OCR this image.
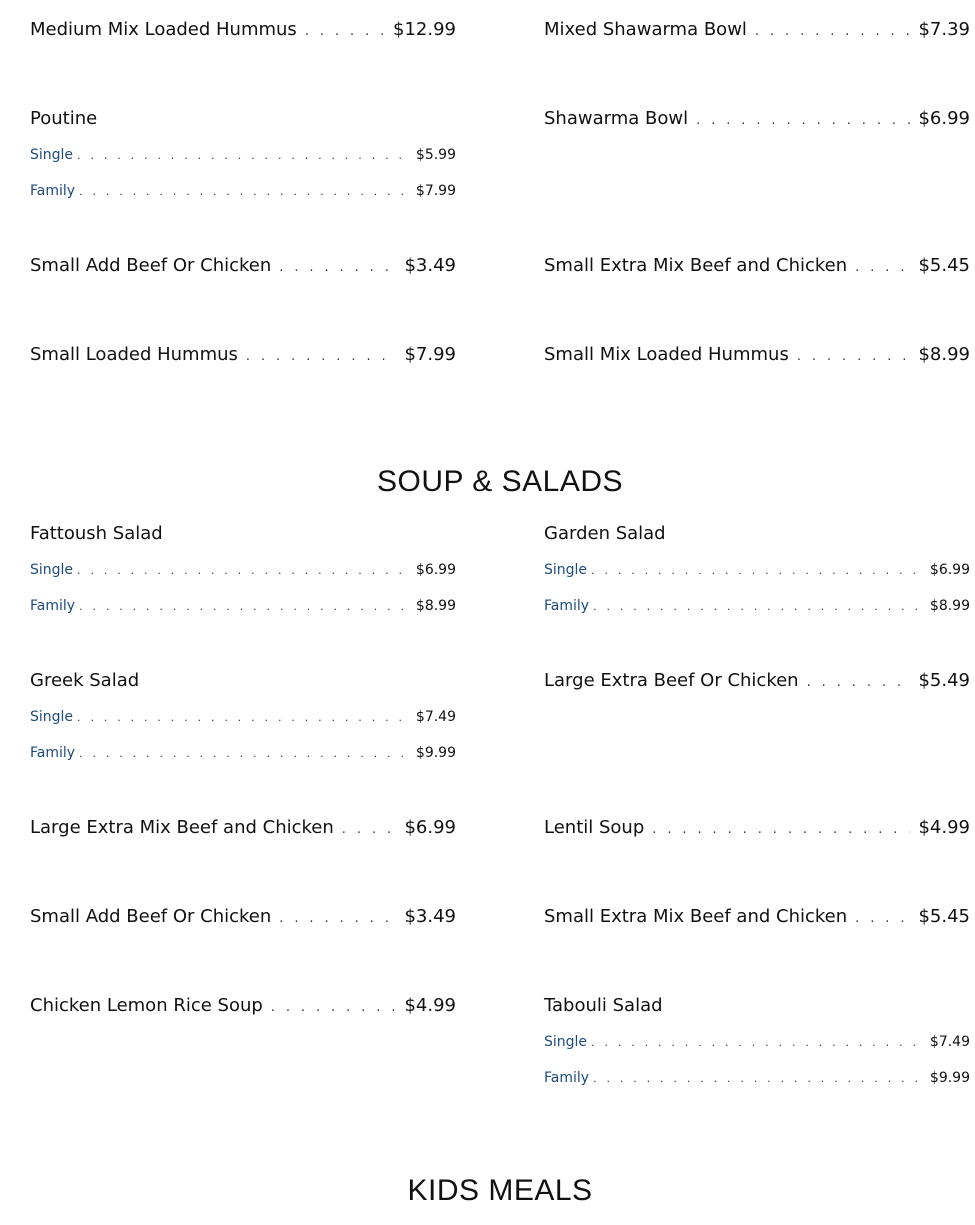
Medium Mix Loaded Hummus . . .	$12.99	Mixed Shawarma Bowl . . .	$7.39
Poutine
Single . . .	$5.99
Family . . .	$7.99
Shawarma Bowl . . .	$6.99
Small Add Beef Or Chicken . . .	$3.49	Small Extra Mix Beef and Chicken . . .	$5.45
Small Loaded Hummus . . .	$7.99	Small Mix Loaded Hummus . . .	$8.99
SOUP & SALADS
Fattoush Salad
Single . . .	$6.99
Family . . .	$8.99
Garden Salad
Single . . .	$6.99
Family . . .	$8.99
Greek Salad
Single . . .	$7.49
Family . . .	$9.99
Large Extra Beef Or Chicken . . .	$5.49
Large Extra Mix Beef and Chicken . . .	$6.99	Lentil Soup . . .	$4.99
Small Add Beef Or Chicken . . .	$3.49	Small Extra Mix Beef and Chicken . . .	$5.45
Chicken Lemon Rice Soup . . .	$4.99	Tabouli Salad
Single . . .	$7.49
Family . . .	$9.99
KIDS MEALS
